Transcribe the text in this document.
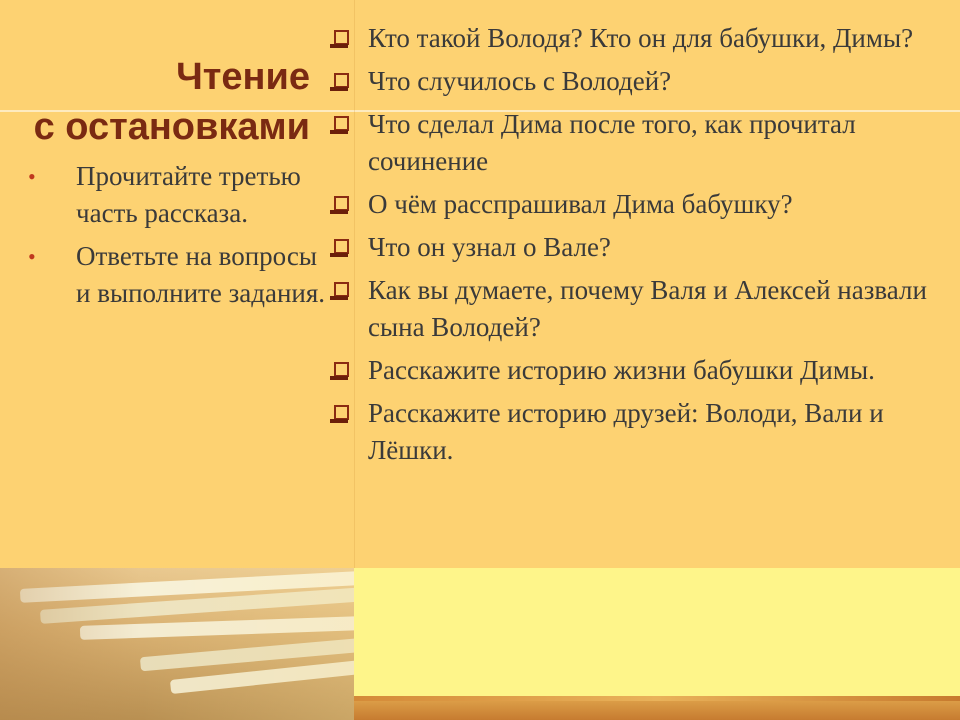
Чтение
с остановками
•	Прочитайте третью часть рассказа.
•	Ответьте на вопросы и выполните задания.
Кто такой Володя? Кто он для бабушки, Димы?
Что случилось с Володей?
Что сделал Дима после того, как прочитал сочинение
О чём расспрашивал Дима бабушку?
Что он узнал о Вале?
Как вы думаете, почему Валя и Алексей назвали сына Володей?
Расскажите историю жизни бабушки Димы.
Расскажите историю друзей: Володи, Вали и Лёшки.
